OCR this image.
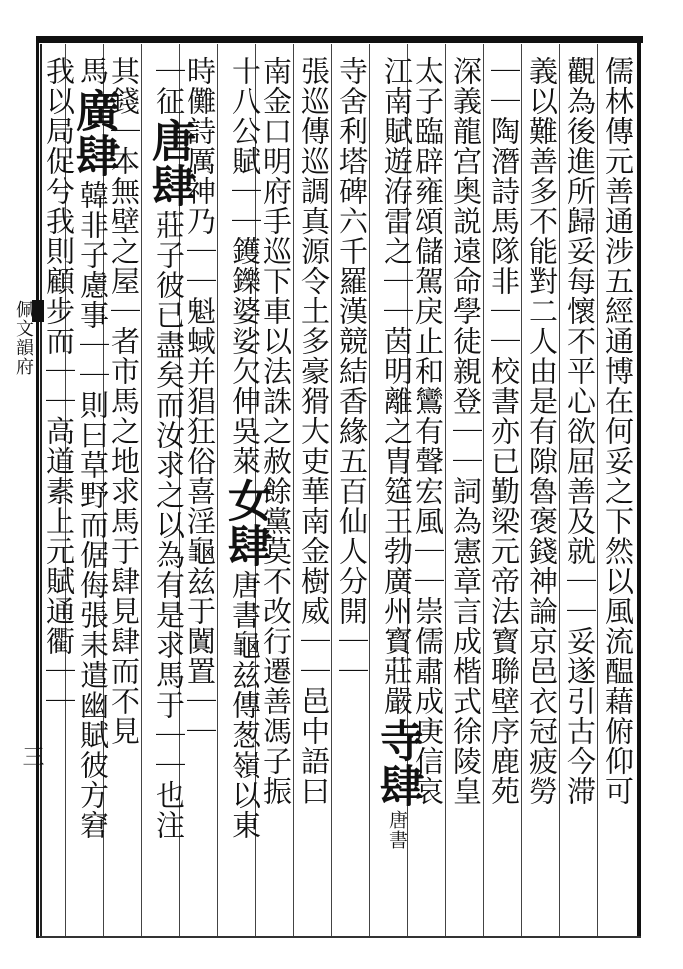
佩文韻府
三	儒林傳元善通涉五經通博在何妥之下然以風流醖藉俯仰可
觀為後進所歸妥每懷不平心欲屈善及就｜｜妥遂引古今滞
義以難善多不能對二人由是有隙魯褒錢神論京邑衣冠疲勞
｜｜陶潛詩馬隊非｜｜校書亦已勤梁元帝法寳聯壁序鹿苑
深義龍宫奥説遠命學徒親登｜｜詞為憲章言成楷式徐陵皇
太子臨辟雍頌儲駕戾止和鸞有聲宏風｜｜崇儒肅成庚信哀
江南賦遊洊雷之｜｜茵明離之胄筵王勃廣州寳莊嚴寺肆唐書
寺舍利塔碑六千羅漢競結香緣五百仙人分開｜｜
張巡傳巡調真源令土多豪猾大吏華南金樹威｜｜邑中語曰
南金口明府手巡下車以法誅之赦餘黨莫不改行遷善馮子振
十八公賦｜｜鑊鑠婆娑欠伸吳萊女肆唐書龜兹傳葱嶺以東
時儺詩厲神乃｜｜魁蜮并猖狂俗喜淫龜兹于闐置｜｜
｜征唐肆莊子彼已盡矣而汝求之以為有是求馬于｜｜也注
其錢｜本無壁之屋｜者市馬之地求馬于肆見肆而不見
馬廣肆韓非子慮事｜｜則曰草野而倨侮張耒遣幽賦彼方窘
我以局促兮我則顧步而｜｜高道素上元賦通衢｜｜
